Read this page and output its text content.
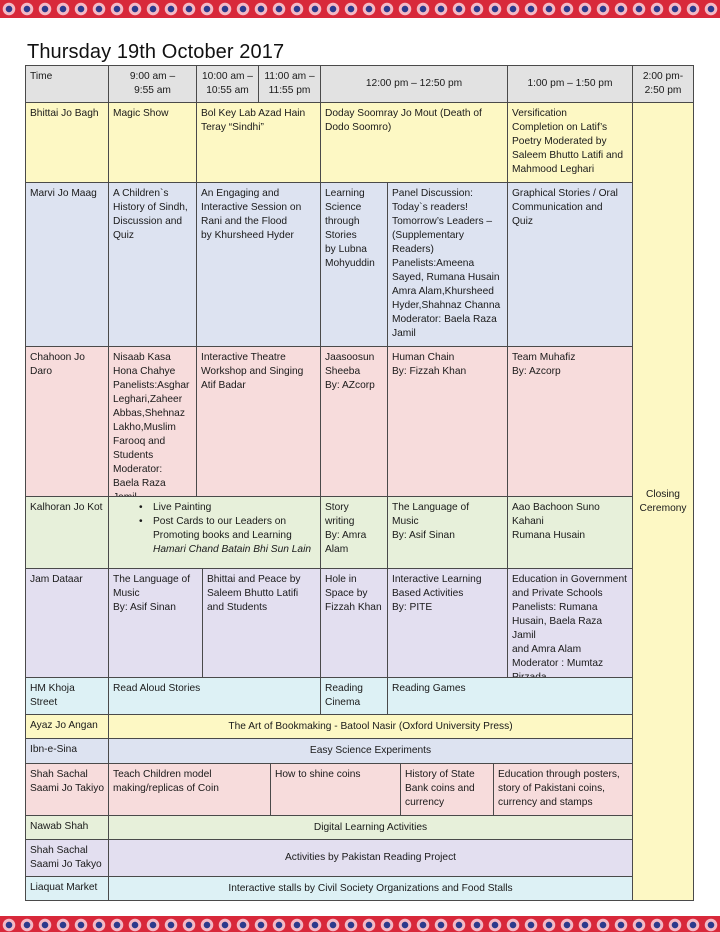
Thursday 19th October 2017
Time	9:00 am –
9:55 am
10:00 am –
10:55 am
11:00 am –
11:55 pm
12:00 pm – 12:50 pm	1:00 pm – 1:50 pm
2:00 pm-
2:50 pm
Closing
Ceremony
Bhittai Jo Bagh	Magic Show	Bol Key Lab Azad Hain
Teray “Sindhi”
Doday Soomray Jo Mout (Death of
Dodo Soomro)
Versification
Completion on Latif’s
Poetry Moderated by
Saleem Bhutto Latifi and
Mahmood Leghari
Marvi Jo Maag	A Children`s
History of Sindh,
Discussion and
Quiz
An Engaging and
Interactive Session on
Rani and the Flood
by Khursheed Hyder
Learning
Science
through
Stories
by Lubna
Mohyuddin
Panel Discussion:
Today`s readers!
Tomorrow’s Leaders –
(Supplementary
Readers)
Panelists:Ameena
Sayed, Rumana Husain
Amra Alam,Khursheed
Hyder,Shahnaz Channa
Moderator: Baela Raza
Jamil
Graphical Stories / Oral
Communication and
Quiz
Chahoon Jo
Daro
Nisaab Kasa
Hona Chahye
Panelists:Asghar
Leghari,Zaheer
Abbas,Shehnaz
Lakho,Muslim
Farooq and
Students
Moderator:
Baela Raza
Interactive Theatre
Workshop and Singing
Atif Badar
Jaasoosun
Sheeba
By: AZcorp
Human Chain
By: Fizzah Khan
Team Muhafiz
By: Azcorp
Kalhoran Jo Kot
•	Live Painting
• Post Cards to our Leaders on
Promoting books and Learning
Hamari Chand Batain Bhi Sun Lain
Story
writing
By: Amra
Alam
The Language of
Music
By: Asif Sinan
Aao Bachoon Suno
Kahani
Rumana Husain
Jam Dataar	The Language of
Music
By: Asif Sinan
Bhittai and Peace by
Saleem Bhutto Latifi
and Students
Hole in
Space by
Fizzah Khan
Interactive Learning
Based Activities
By: PITE
Education in Government
and Private Schools
Panelists: Rumana
Husain, Baela Raza Jamil
and Amra Alam
Moderator : Mumtaz

HM Khoja
Street
Read Aloud Stories	Reading
Cinema
Reading Games
Ayaz Jo Angan	The Art of Bookmaking - Batool Nasir (Oxford University Press)
Ibn-e-Sina	Easy Science Experiments
Shah Sachal
Saami Jo Takiyo
Teach Children model
making/replicas of Coin
How to shine coins	History of State
Bank coins and
currency
Education through posters,
story of Pakistani coins,
currency and stamps
Nawab Shah	Digital Learning Activities
Shah Sachal
Saami Jo Takyo
Activities by Pakistan Reading Project
Liaquat Market	Interactive stalls by Civil Society Organizations and Food Stalls
